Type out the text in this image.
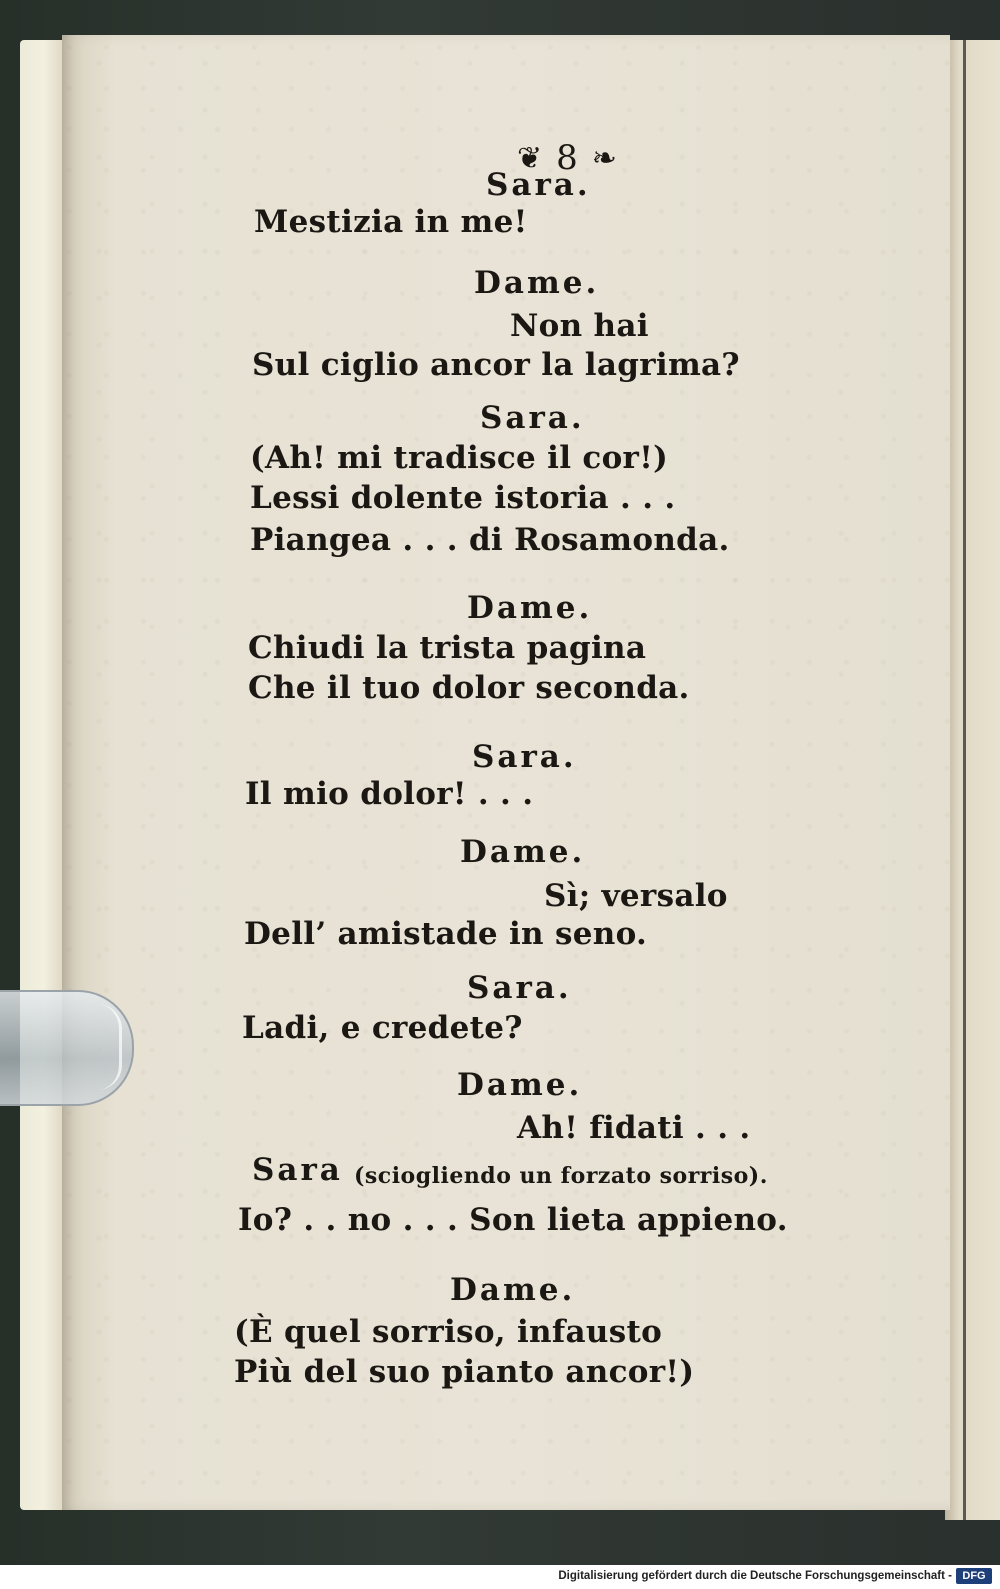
❦ 8 ❧
Sara.
Mestizia in me!
Dame.
Non hai
Sul ciglio ancor la lagrima?
Sara.
(Ah! mi tradisce il cor!)
Lessi dolente istoria . . .
Piangea . . . di Rosamonda.
Dame.
Chiudi la trista pagina
Che il tuo dolor seconda.
Sara.
Il mio dolor! . . .
Dame.
Sì; versalo
Dell’ amistade in seno.
Sara.
Ladi, e credete?
Dame.
Ah! fidati . . .
Sara (sciogliendo un forzato sorriso).
Io? . . no . . . Son lieta appieno.
Dame.
(È quel sorriso, infausto
Più del suo pianto ancor!)
Digitalisierung gefördert durch die Deutsche Forschungsgemeinschaft - DFG
